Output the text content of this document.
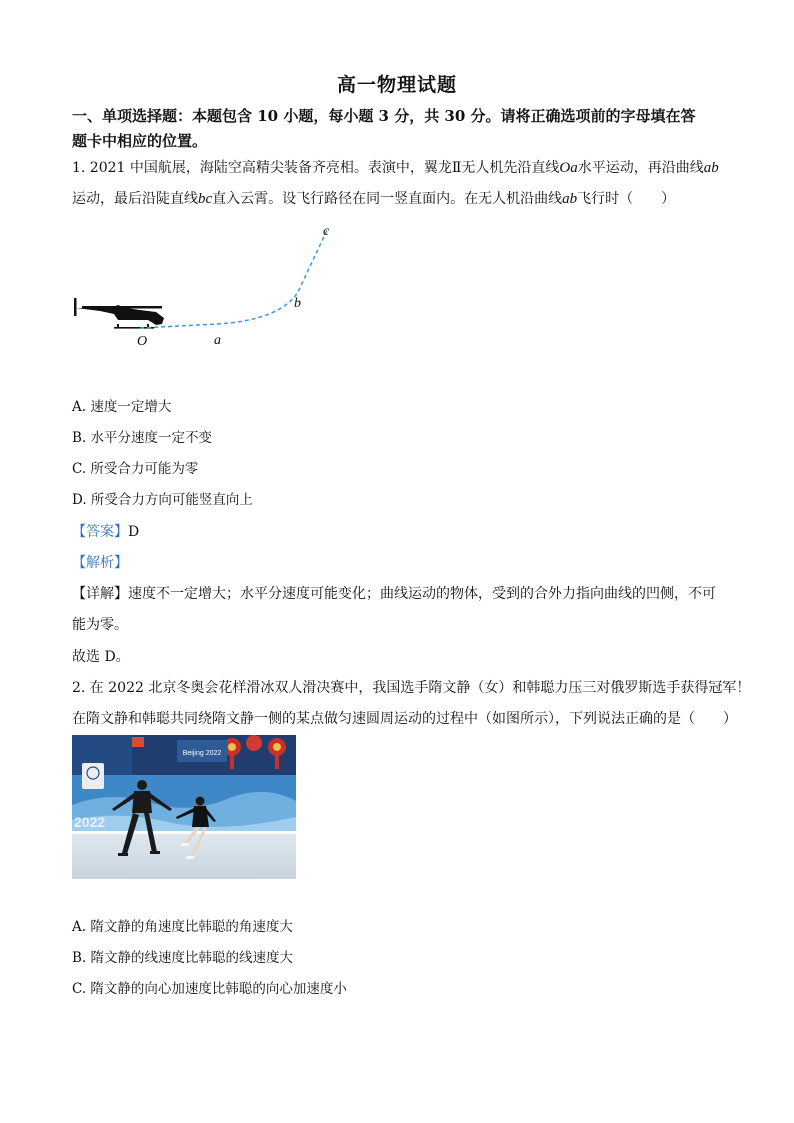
高一物理试题
一、单项选择题：本题包含 10 小题，每小题 3 分，共 30 分。请将正确选项前的字母填在答
题卡中相应的位置。
1. 2021 中国航展，海陆空高精尖装备齐亮相。表演中，翼龙Ⅱ无人机先沿直线Oa水平运动，再沿曲线ab
运动，最后沿陡直线bc直入云霄。设飞行路径在同一竖直面内。在无人机沿曲线ab飞行时（　　）
c
b
O	a
A. 速度一定增大
B. 水平分速度一定不变
C. 所受合力可能为零
D. 所受合力方向可能竖直向上
【答案】D
【解析】
【详解】速度不一定增大；水平分速度可能变化；曲线运动的物体，受到的合外力指向曲线的凹侧，不可
能为零。
故选 D。
2. 在 2022 北京冬奥会花样滑冰双人滑决赛中，我国选手隋文静（女）和韩聪力压三对俄罗斯选手获得冠军！
在隋文静和韩聪共同绕隋文静一侧的某点做匀速圆周运动的过程中（如图所示），下列说法正确的是（　　）
Beijing 2022
2022
A. 隋文静的角速度比韩聪的角速度大
B. 隋文静的线速度比韩聪的线速度大
C. 隋文静的向心加速度比韩聪的向心加速度小
